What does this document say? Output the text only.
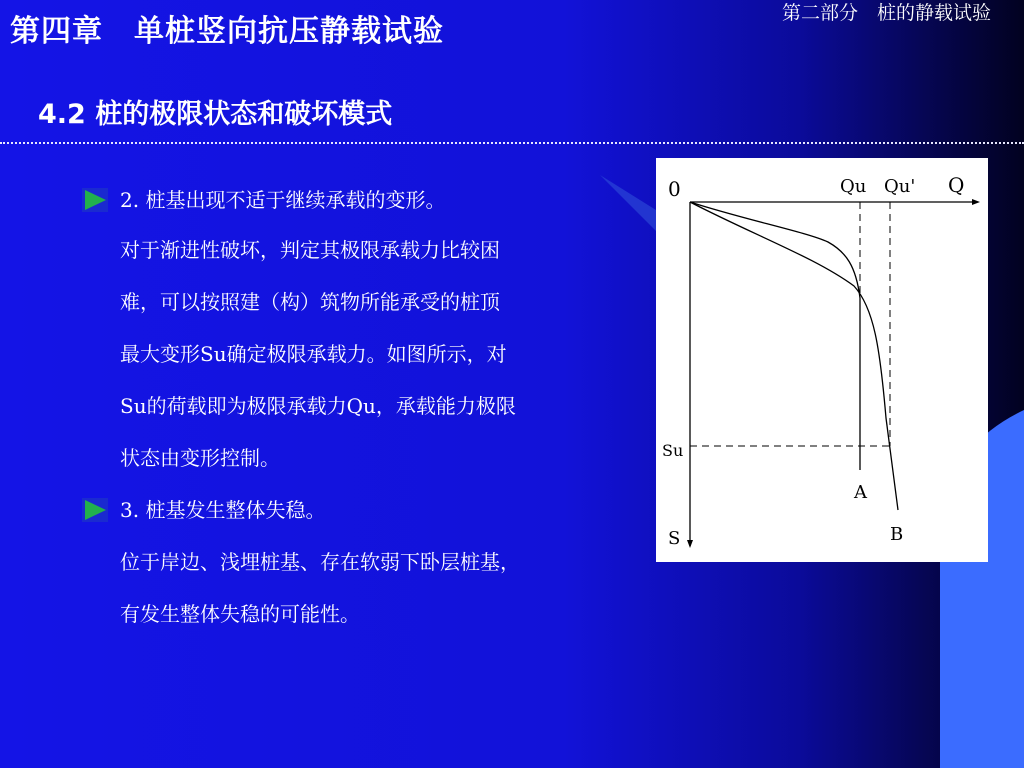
第四章　单桩竖向抗压静载试验
第二部分　桩的静载试验
4.2 桩的极限状态和破坏模式
2. 桩基出现不适于继续承载的变形。
对于渐进性破坏，判定其极限承载力比较困
难，可以按照建（构）筑物所能承受的桩顶
最大变形Su确定极限承载力。如图所示，对
Su的荷载即为极限承载力Qu，承载能力极限
状态由变形控制。
3. 桩基发生整体失稳。
位于岸边、浅埋桩基、存在软弱下卧层桩基，
有发生整体失稳的可能性。
0	Qu Qu' Q
Su
S
A
B
